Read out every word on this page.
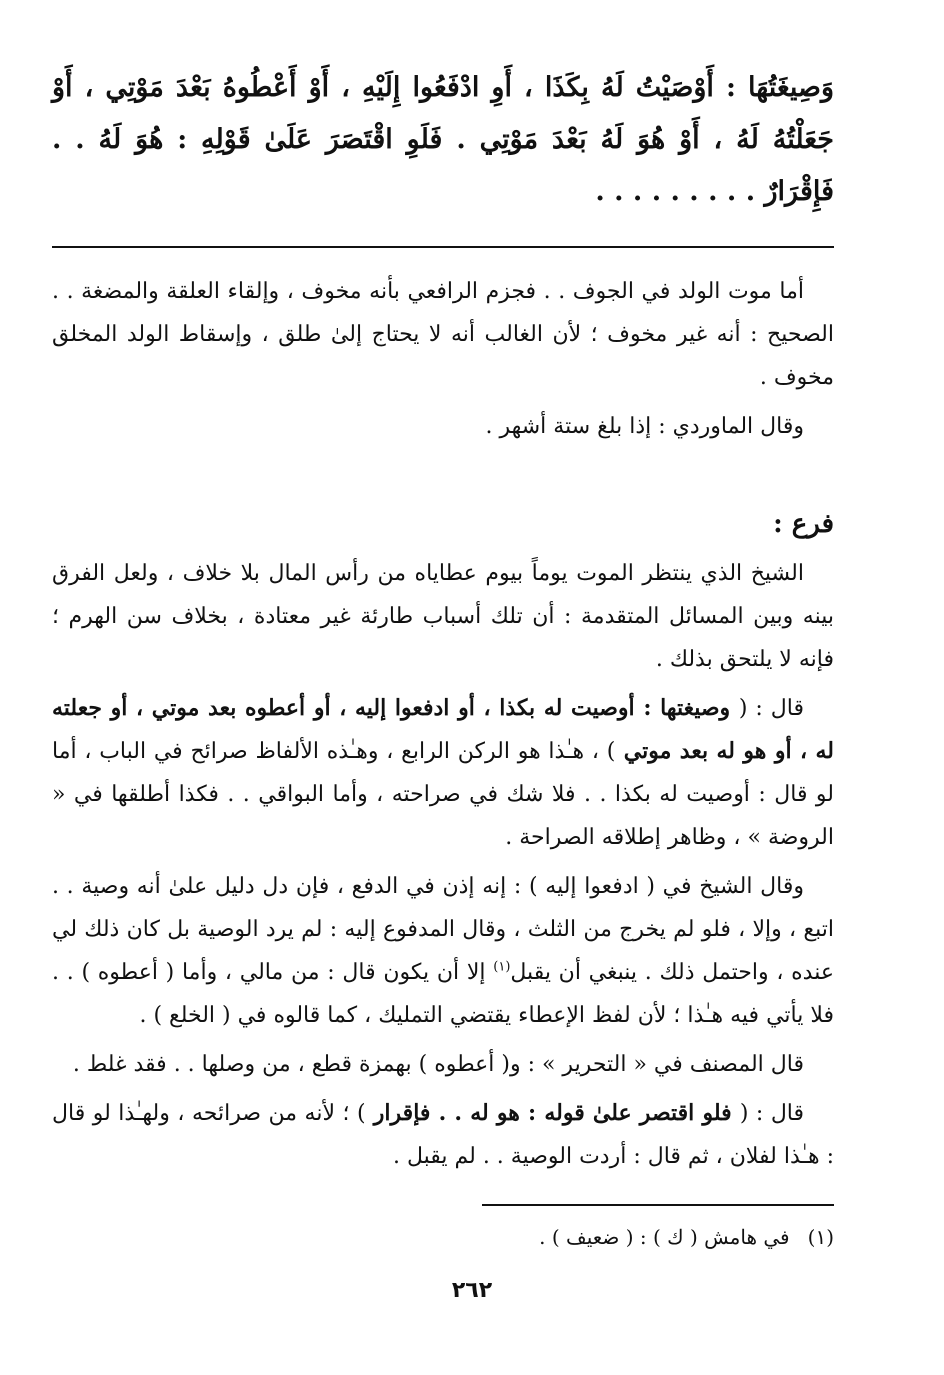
وَصِيغَتُهَا : أَوْصَيْتُ لَهُ بِكَذَا ، أَوِ ادْفَعُوا إِلَيْهِ ، أَوْ أَعْطُوهُ بَعْدَ مَوْتِي ، أَوْ جَعَلْتُهُ لَهُ ، أَوْ هُوَ لَهُ بَعْدَ مَوْتِي . فَلَوِ اقْتَصَرَ عَلَىٰ قَوْلِهِ : هُوَ لَهُ . . فَإِقْرَارٌ . . . . . . . . .

أما موت الولد في الجوف . . فجزم الرافعي بأنه مخوف ، وإلقاء العلقة والمضغة . . الصحيح : أنه غير مخوف ؛ لأن الغالب أنه لا يحتاج إلىٰ طلق ، وإسقاط الولد المخلق مخوف .

وقال الماوردي : إذا بلغ ستة أشهر .

فرع :

الشيخ الذي ينتظر الموت يوماً بيوم عطاياه من رأس المال بلا خلاف ، ولعل الفرق بينه وبين المسائل المتقدمة : أن تلك أسباب طارئة غير معتادة ، بخلاف سن الهرم ؛ فإنه لا يلتحق بذلك .

قال : ( وصيغتها : أوصيت له بكذا ، أو ادفعوا إليه ، أو أعطوه بعد موتي ، أو جعلته له ، أو هو له بعد موتي ) ، هـٰذا هو الركن الرابع ، وهـٰذه الألفاظ صرائح في الباب ، أما لو قال : أوصيت له بكذا . . فلا شك في صراحته ، وأما البواقي . . فكذا أطلقها في « الروضة » ، وظاهر إطلاقه الصراحة .

وقال الشيخ في ( ادفعوا إليه ) : إنه إذن في الدفع ، فإن دل دليل علىٰ أنه وصية . . اتبع ، وإلا ، فلو لم يخرج من الثلث ، وقال المدفوع إليه : لم يرد الوصية بل كان ذلك لي عنده ، واحتمل ذلك . ينبغي أن يقبل$^{(١)}$ إلا أن يكون قال : من مالي ، وأما ( أعطوه ) . . فلا يأتي فيه هـٰذا ؛ لأن لفظ الإعطاء يقتضي التمليك ، كما قالوه في ( الخلع ) .

قال المصنف في « التحرير » : و( أعطوه ) بهمزة قطع ، من وصلها . . فقد غلط .

قال : ( فلو اقتصر علىٰ قوله : هو له . . فإقرار ) ؛ لأنه من صرائحه ، ولهـٰذا لو قال : هـٰذا لفلان ، ثم قال : أردت الوصية . . لم يقبل .

(١)في هامش ( ك ) : ( ضعيف ) .

٢٦٢
